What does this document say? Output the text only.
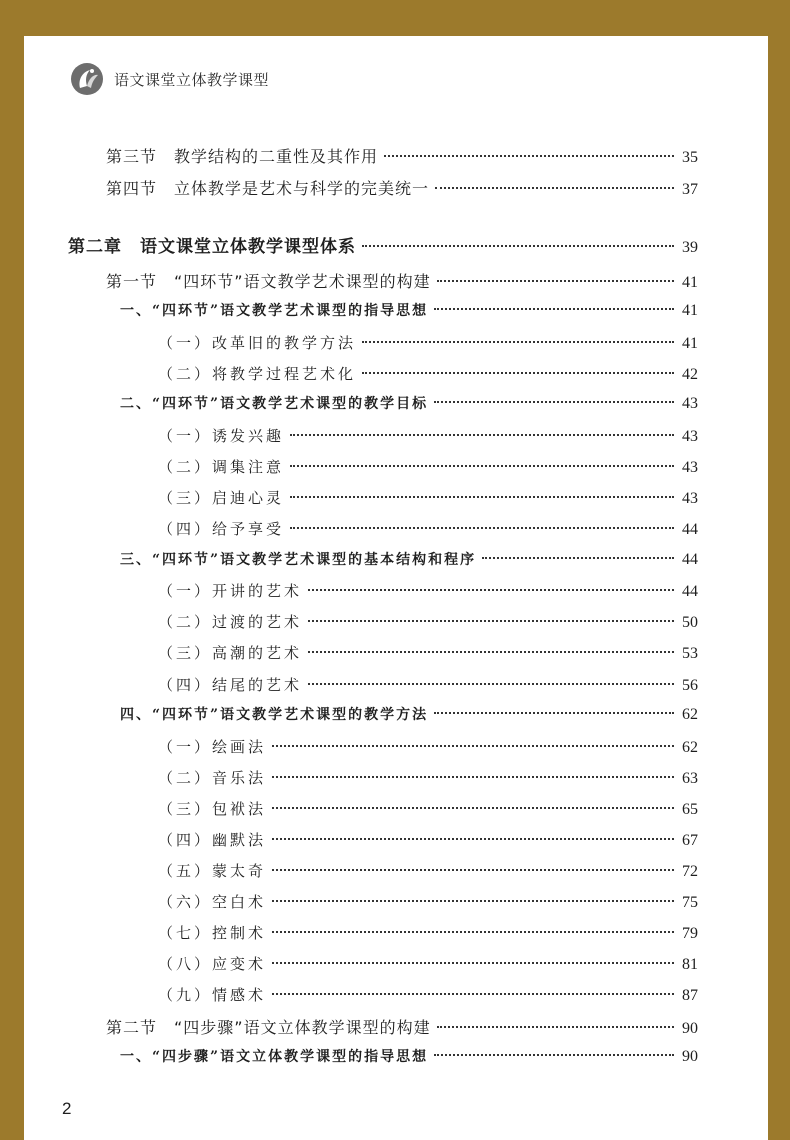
语文课堂立体教学课型
第三节　教学结构的二重性及其作用	35
第四节　立体教学是艺术与科学的完美统一	37
第二章　语文课堂立体教学课型体系	39
第一节　“四环节”语文教学艺术课型的构建	41
一、“四环节”语文教学艺术课型的指导思想	41
（一）改革旧的教学方法	41
（二）将教学过程艺术化	42
二、“四环节”语文教学艺术课型的教学目标	43
（一）诱发兴趣	43
（二）调集注意	43
（三）启迪心灵	43
（四）给予享受	44
三、“四环节”语文教学艺术课型的基本结构和程序	44
（一）开讲的艺术	44
（二）过渡的艺术	50
（三）高潮的艺术	53
（四）结尾的艺术	56
四、“四环节”语文教学艺术课型的教学方法	62
（一）绘画法	62
（二）音乐法	63
（三）包袱法	65
（四）幽默法	67
（五）蒙太奇	72
（六）空白术	75
（七）控制术	79
（八）应变术	81
（九）情感术	87
第二节　“四步骤”语文立体教学课型的构建	90
一、“四步骤”语文立体教学课型的指导思想	90
2
